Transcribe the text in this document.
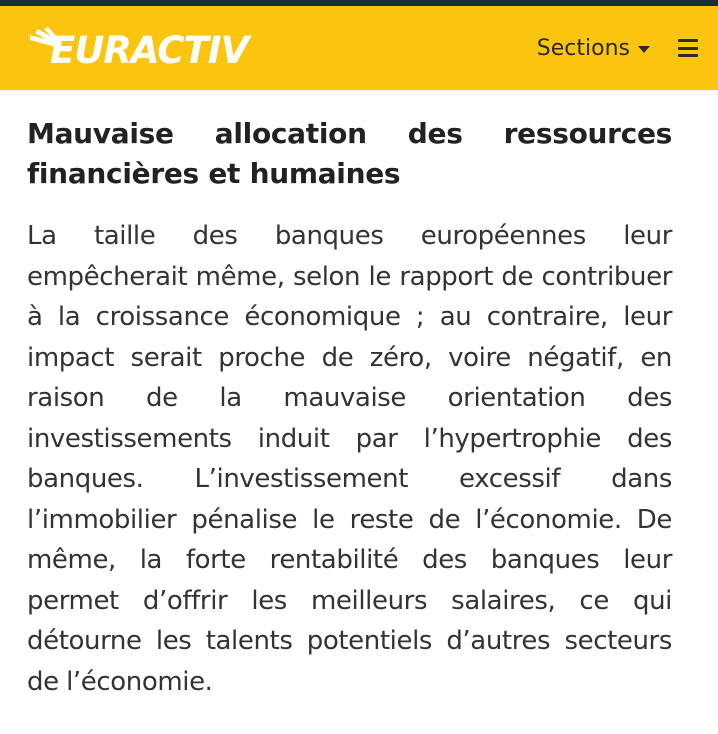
EURACTIV	Sections
Mauvaise allocation des ressources financières et humaines

La taille des banques européennes leur empêcherait même, selon le rapport de contribuer à la croissance économique ; au contraire, leur impact serait proche de zéro, voire négatif, en raison de la mauvaise orientation des investissements induit par l’hypertrophie des banques. L’investissement excessif dans l’immobilier pénalise le reste de l’économie. De même, la forte rentabilité des banques leur permet d’offrir les meilleurs salaires, ce qui détourne les talents potentiels d’autres secteurs de l’économie.
